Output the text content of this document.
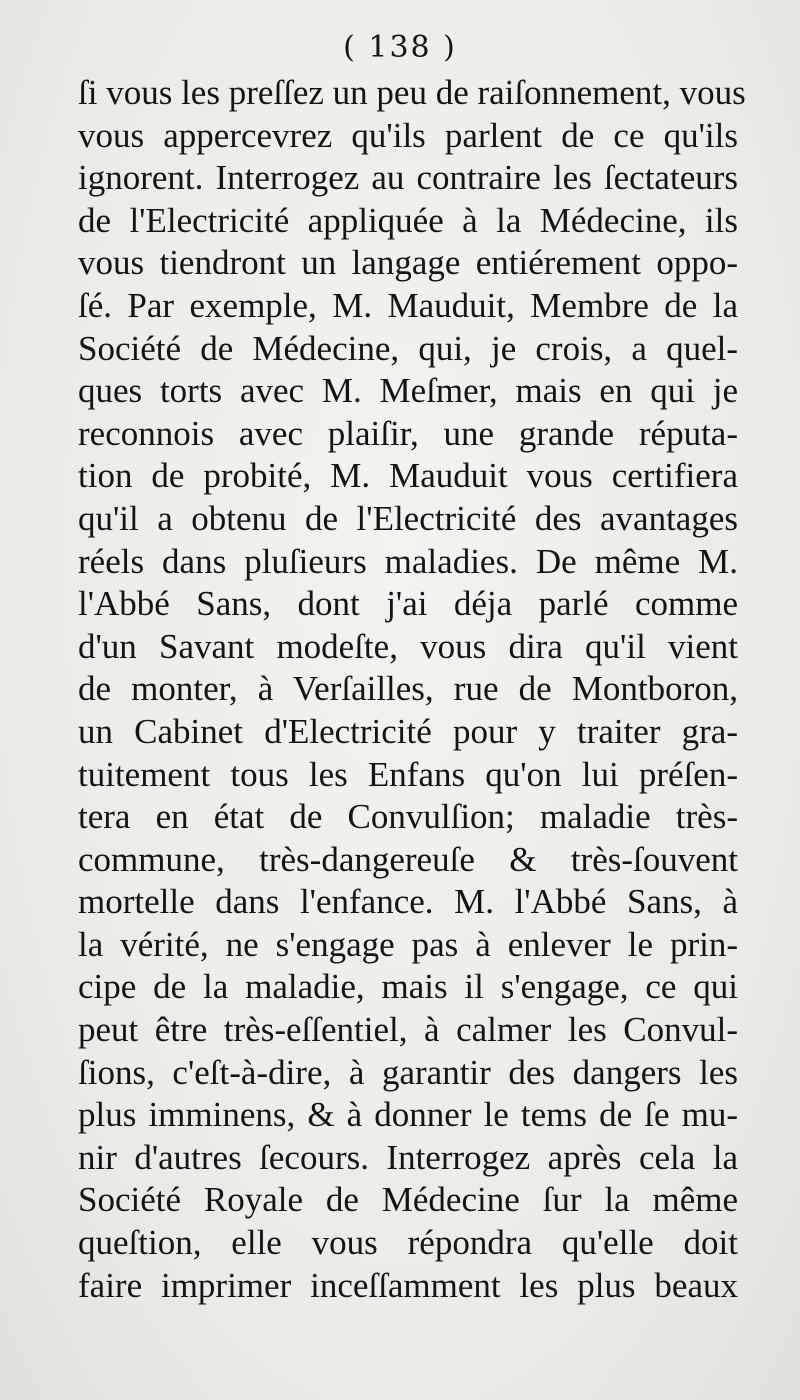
( 138 )

ſi vous les preſſez un peu de raiſonnement, vous
vous appercevrez qu'ils parlent de ce qu'ils
ignorent. Interrogez au contraire les ſectateurs
de l'Electricité appliquée à la Médecine, ils
vous tiendront un langage entiérement oppo-
ſé. Par exemple, M. Mauduit, Membre de la
Société de Médecine, qui, je crois, a quel-
ques torts avec M. Meſmer, mais en qui je
reconnois avec plaiſir, une grande réputa-
tion de probité, M. Mauduit vous certifiera
qu'il a obtenu de l'Electricité des avantages
réels dans pluſieurs maladies. De même M.
l'Abbé Sans, dont j'ai déja parlé comme
d'un Savant modeſte, vous dira qu'il vient
de monter, à Verſailles, rue de Montboron,
un Cabinet d'Electricité pour y traiter gra-
tuitement tous les Enfans qu'on lui préſen-
tera en état de Convulſion; maladie très-
commune, très-dangereuſe & très-ſouvent
mortelle dans l'enfance. M. l'Abbé Sans, à
la vérité, ne s'engage pas à enlever le prin-
cipe de la maladie, mais il s'engage, ce qui
peut être très-eſſentiel, à calmer les Convul-
ſions, c'eſt-à-dire, à garantir des dangers les
plus imminens, & à donner le tems de ſe mu-
nir d'autres ſecours. Interrogez après cela la
Société Royale de Médecine ſur la même
queſtion, elle vous répondra qu'elle doit
faire imprimer inceſſamment les plus beaux
